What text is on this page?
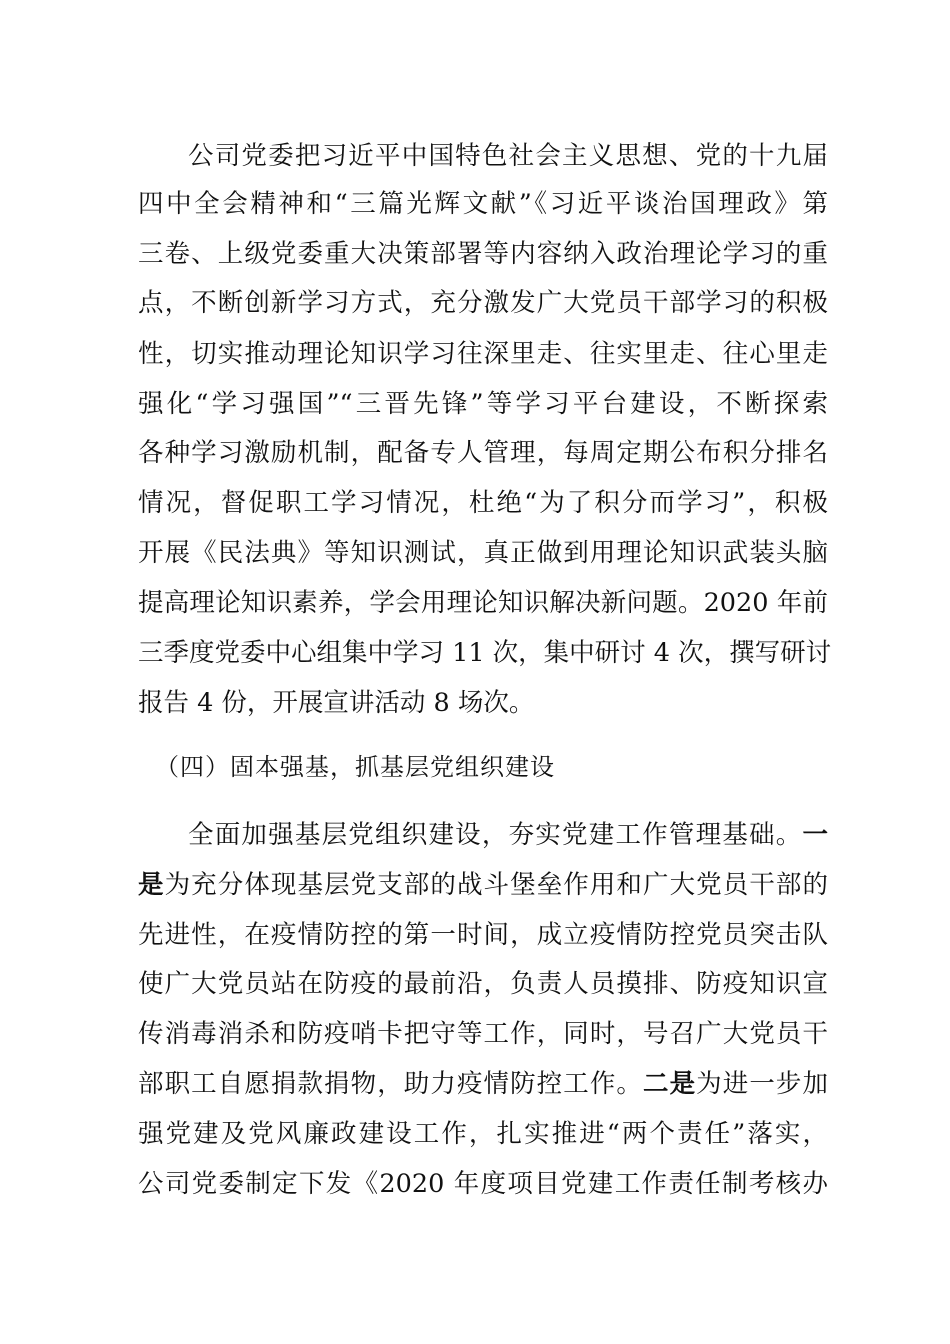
公司党委把习近平中国特色社会主义思想、党的十九届
四中全会精神和“三篇光辉文献”《习近平谈治国理政》第
三卷、上级党委重大决策部署等内容纳入政治理论学习的重
点，不断创新学习方式，充分激发广大党员干部学习的积极
性，切实推动理论知识学习往深里走、往实里走、往心里走
强化“学习强国”“三晋先锋”等学习平台建设，不断探索
各种学习激励机制，配备专人管理，每周定期公布积分排名
情况，督促职工学习情况，杜绝“为了积分而学习”，积极
开展《民法典》等知识测试，真正做到用理论知识武装头脑
提高理论知识素养，学会用理论知识解决新问题。2020 年前
三季度党委中心组集中学习 11 次，集中研讨 4 次，撰写研讨
报告 4 份，开展宣讲活动 8 场次。
（四）固本强基，抓基层党组织建设
全面加强基层党组织建设，夯实党建工作管理基础。一
是为充分体现基层党支部的战斗堡垒作用和广大党员干部的
先进性，在疫情防控的第一时间，成立疫情防控党员突击队
使广大党员站在防疫的最前沿，负责人员摸排、防疫知识宣
传消毒消杀和防疫哨卡把守等工作，同时，号召广大党员干
部职工自愿捐款捐物，助力疫情防控工作。二是为进一步加
强党建及党风廉政建设工作，扎实推进“两个责任”落实，
公司党委制定下发《2020 年度项目党建工作责任制考核办
